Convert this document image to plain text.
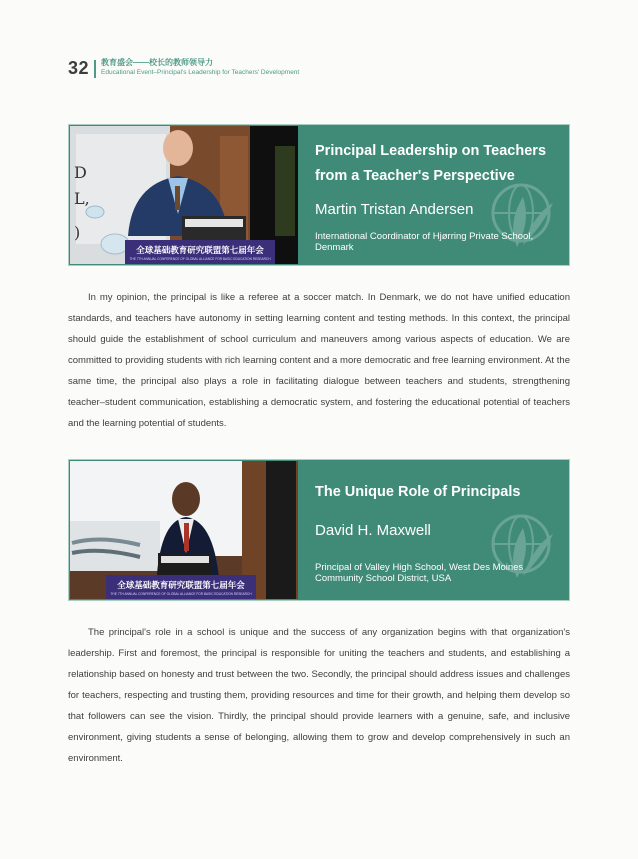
32 教育盛会——校长的教师领导力
Educational Event–Principal's Leadership for Teachers' Development
D
L,
)
全球基础教育研究联盟第七届年会
THE 7TH ANNUAL CONFERENCE OF GLOBAL ALLIANCE FOR BASIC EDUCATION RESEARCH
Principal Leadership on Teachers
from a Teacher's Perspective
Martin Tristan Andersen
International Coordinator of Hjørring Private School, Denmark

In my opinion, the principal is like a referee at a soccer match. In Denmark, we do not have unified education standards, and teachers have autonomy in setting learning content and testing methods. In this context, the principal should guide the establishment of school curriculum and maneuvers among various aspects of education. We are committed to providing students with rich learning content and a more democratic and free learning environment. At the same time, the principal also plays a role in facilitating dialogue between teachers and students, strengthening teacher–student communication, establishing a democratic system, and fostering the educational potential of teachers and the learning potential of students.

全球基础教育研究联盟第七届年会
THE 7TH ANNUAL CONFERENCE OF GLOBAL ALLIANCE FOR BASIC EDUCATION RESEARCH
The Unique Role of Principals
David H. Maxwell
Principal of Valley High School, West Des Moines Community School District, USA

The principal's role in a school is unique and the success of any organization begins with that organization's leadership. First and foremost, the principal is responsible for uniting the teachers and students, and establishing a relationship based on honesty and trust between the two. Secondly, the principal should address issues and challenges for teachers, respecting and trusting them, providing resources and time for their growth, and helping them develop so that followers can see the vision. Thirdly, the principal should provide learners with a genuine, safe, and inclusive environment, giving students a sense of belonging, allowing them to grow and develop comprehensively in such an environment.
